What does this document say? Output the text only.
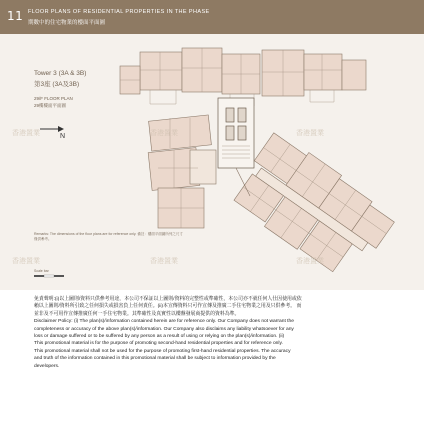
11 FLOOR PLANS OF RESIDENTIAL PROPERTIES IN THE PHASE
期數中的住宅物業的樓面平面圖
Tower 3 (3A & 3B)
第3座 (3A及3B)
29/F FLOOR PLAN
29樓樓面平面圖
N
Remarks: The dimensions of the floor plans are for reference only. 備註：樓面平面圖所列之尺寸僅供參考。
Scale bar
香港置業	香港置業	香港置業
香港置業	香港置業	香港置業

免責聲明:(i)以上圖則/資料只供參考用途，本公司不保証以上圖則/資料的完整性或準確性，本公司亦不就任何人仕因使用或依

賴以上圖則/資料所引致之任何損失或損害負上任何責任。(ii)本宣傳資料只可作宣傳及推廣二手住宅物業之用及只供參考。 而

並非及不可用作宣傳推廣任何一手住宅物業。其準確性及真實性以樓盤發展商提供的資料為準。

Disclaimer Policy: (i) The plan(s)/information contained herein are for reference only. Our Company does not warrant the

completeness or accuracy of the above plan(s)/information. Our Company also disclaims any liability whatsoever for any

loss or damage suffered or to be suffered by any person as a result of using or relying on the plan(s)/information. (ii)

This promotional material is for the purpose of promoting second-hand residential properties and for reference only.

This promotional material shall not be used for the purpose of promoting first-hand residential properties. The accuracy

and truth of the information contained in this promotional material shall be subject to information provided by the

developers.
